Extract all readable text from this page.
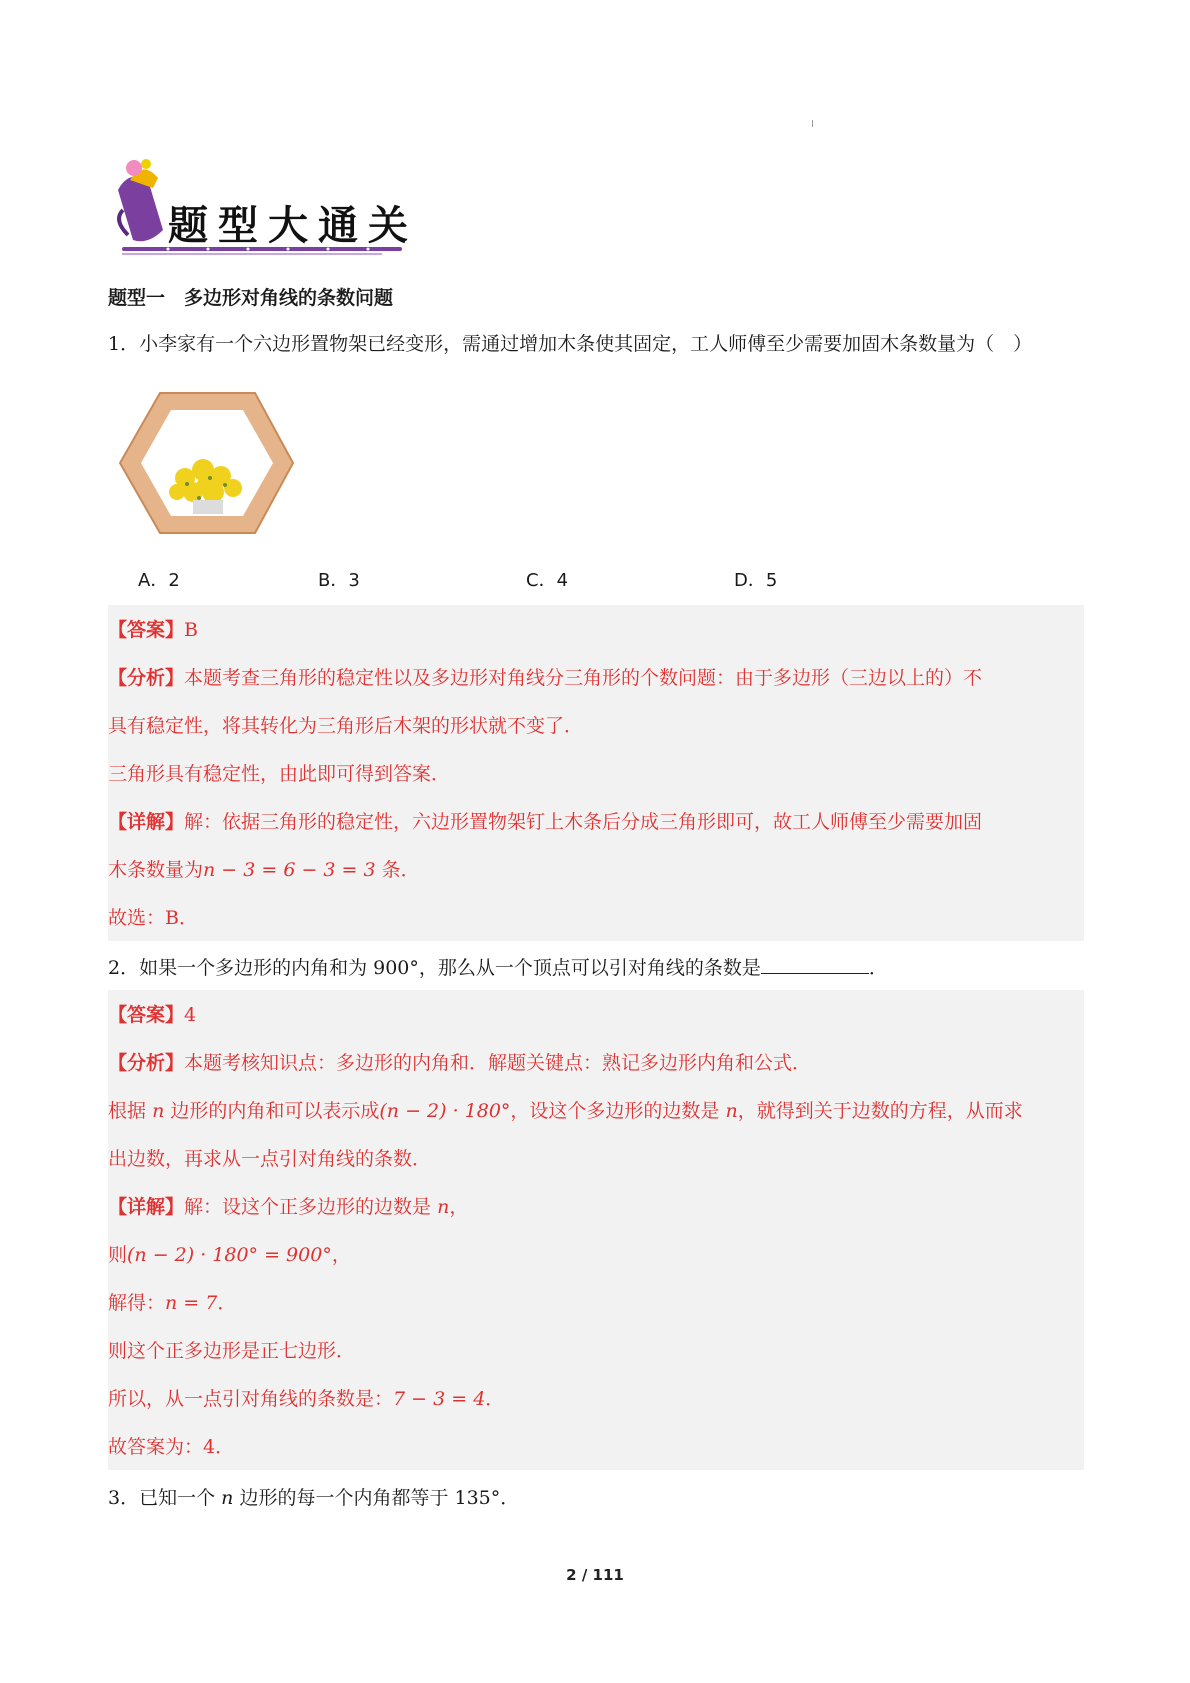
题型大通关
题型一　多边形对角线的条数问题
1．小李家有一个六边形置物架已经变形，需通过增加木条使其固定，工人师傅至少需要加固木条数量为（　）
A．2	B．3	C．4	D．5
【答案】B
【分析】本题考查三角形的稳定性以及多边形对角线分三角形的个数问题：由于多边形（三边以上的）不
具有稳定性，将其转化为三角形后木架的形状就不变了．
三角形具有稳定性，由此即可得到答案．
【详解】解：依据三角形的稳定性，六边形置物架钉上木条后分成三角形即可，故工人师傅至少需要加固
木条数量为n − 3 = 6 − 3 = 3 条．
故选：B．
2．如果一个多边形的内角和为 900°，那么从一个顶点可以引对角线的条数是	．
【答案】4
【分析】本题考核知识点：多边形的内角和．解题关键点：熟记多边形内角和公式．
根据 n 边形的内角和可以表示成(n − 2) · 180°，设这个多边形的边数是 n，就得到关于边数的方程，从而求
出边数，再求从一点引对角线的条数．
【详解】解：设这个正多边形的边数是 n，
则(n − 2) · 180° = 900°，
解得：n = 7．
则这个正多边形是正七边形．
所以，从一点引对角线的条数是：7 − 3 = 4．
故答案为：4．
3．已知一个 n 边形的每一个内角都等于 135°．
2 / 111
